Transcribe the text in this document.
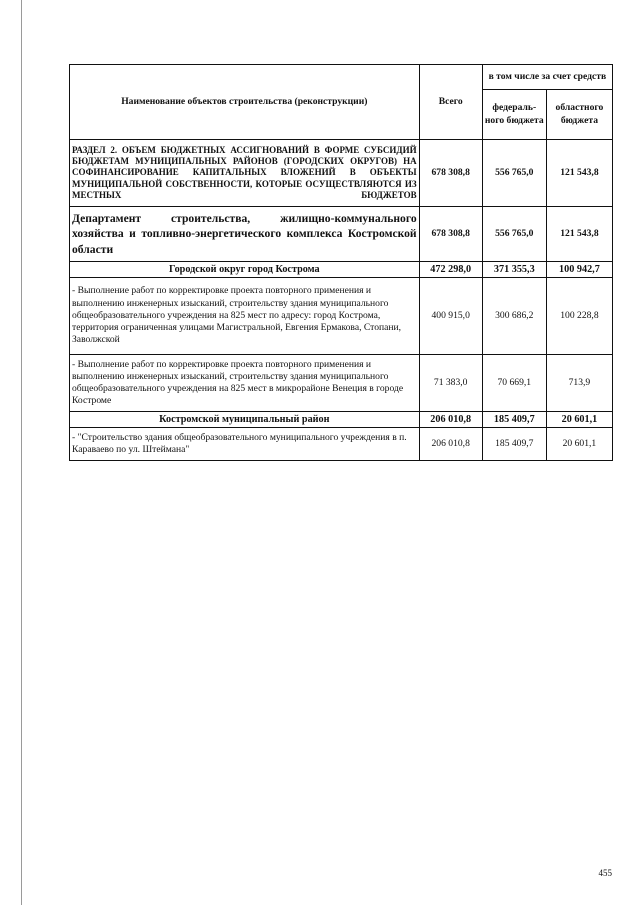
Наименование объектов строительства (реконструкции)	Всего	в том числе за счет средств	
		федераль-ного бюджета	областного бюджета
РАЗДЕЛ 2. ОБЪЕМ БЮДЖЕТНЫХ АССИГНОВАНИЙ В ФОРМЕ СУБСИДИЙ БЮДЖЕТАМ МУНИЦИПАЛЬНЫХ РАЙОНОВ (ГОРОДСКИХ ОКРУГОВ) НА СОФИНАНСИРОВАНИЕ КАПИТАЛЬНЫХ ВЛОЖЕНИЙ В ОБЪЕКТЫ МУНИЦИПАЛЬНОЙ СОБСТВЕННОСТИ, КОТОРЫЕ ОСУЩЕСТВЛЯЮТСЯ ИЗ МЕСТНЫХ БЮДЖЕТОВ	678 308,8	556 765,0	121 543,8
Департамент строительства, жилищно-коммунального хозяйства и топливно-энергетического комплекса Костромской области	678 308,8	556 765,0	121 543,8
Городской округ город Кострома	472 298,0	371 355,3	100 942,7
- Выполнение работ по корректировке проекта повторного применения и выполнению инженерных изысканий, строительству здания муниципального общеобразовательного учреждения на 825 мест по адресу: город Кострома, территория ограниченная улицами Магистральной, Евгения Ермакова, Стопани, Заволжской	400 915,0	300 686,2	100 228,8
- Выполнение работ по корректировке проекта повторного применения и выполнению инженерных изысканий, строительству здания муниципального общеобразовательного учреждения на 825 мест в микрорайоне Венеция в городе Костроме	71 383,0	70 669,1	713,9
Костромской муниципальный район	206 010,8	185 409,7	20 601,1
- "Строительство здания общеобразовательного муниципального учреждения в п. Караваево по ул. Штеймана"	206 010,8	185 409,7	20 601,1
455
